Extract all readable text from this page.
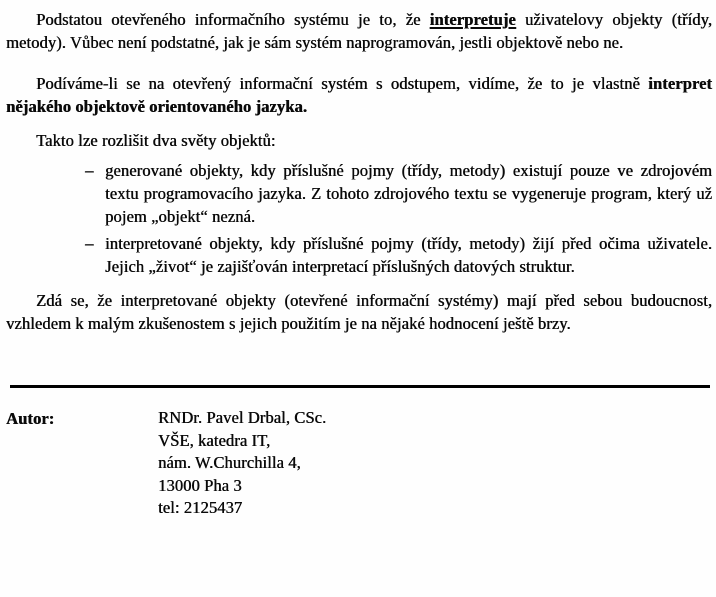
Podstatou otevřeného informačního systému je to, že interpretuje uživatelovy objekty (třídy, metody). Vůbec není podstatné, jak je sám systém naprogramován, jestli objektově nebo ne.

Podíváme-li se na otevřený informační systém s odstupem, vidíme, že to je vlastně interpret nějakého objektově orientovaného jazyka.

Takto lze rozlišit dva světy objektů:

– generované objekty, kdy příslušné pojmy (třídy, metody) existují pouze ve zdrojovém textu programovacího jazyka. Z tohoto zdrojového textu se vygeneruje program, který už pojem „objekt“ nezná.
– interpretované objekty, kdy příslušné pojmy (třídy, metody) žijí před očima uživatele. Jejich „život“ je zajišťován interpretací příslušných datových struktur.

Zdá se, že interpretované objekty (otevřené informační systémy) mají před sebou budoucnost, vzhledem k malým zkušenostem s jejich použitím je na nějaké hodnocení ještě brzy.

Autor:	RNDr. Pavel Drbal, CSc.
VŠE, katedra IT,
nám. W.Churchilla 4,
13000 Pha 3
tel: 2125437
